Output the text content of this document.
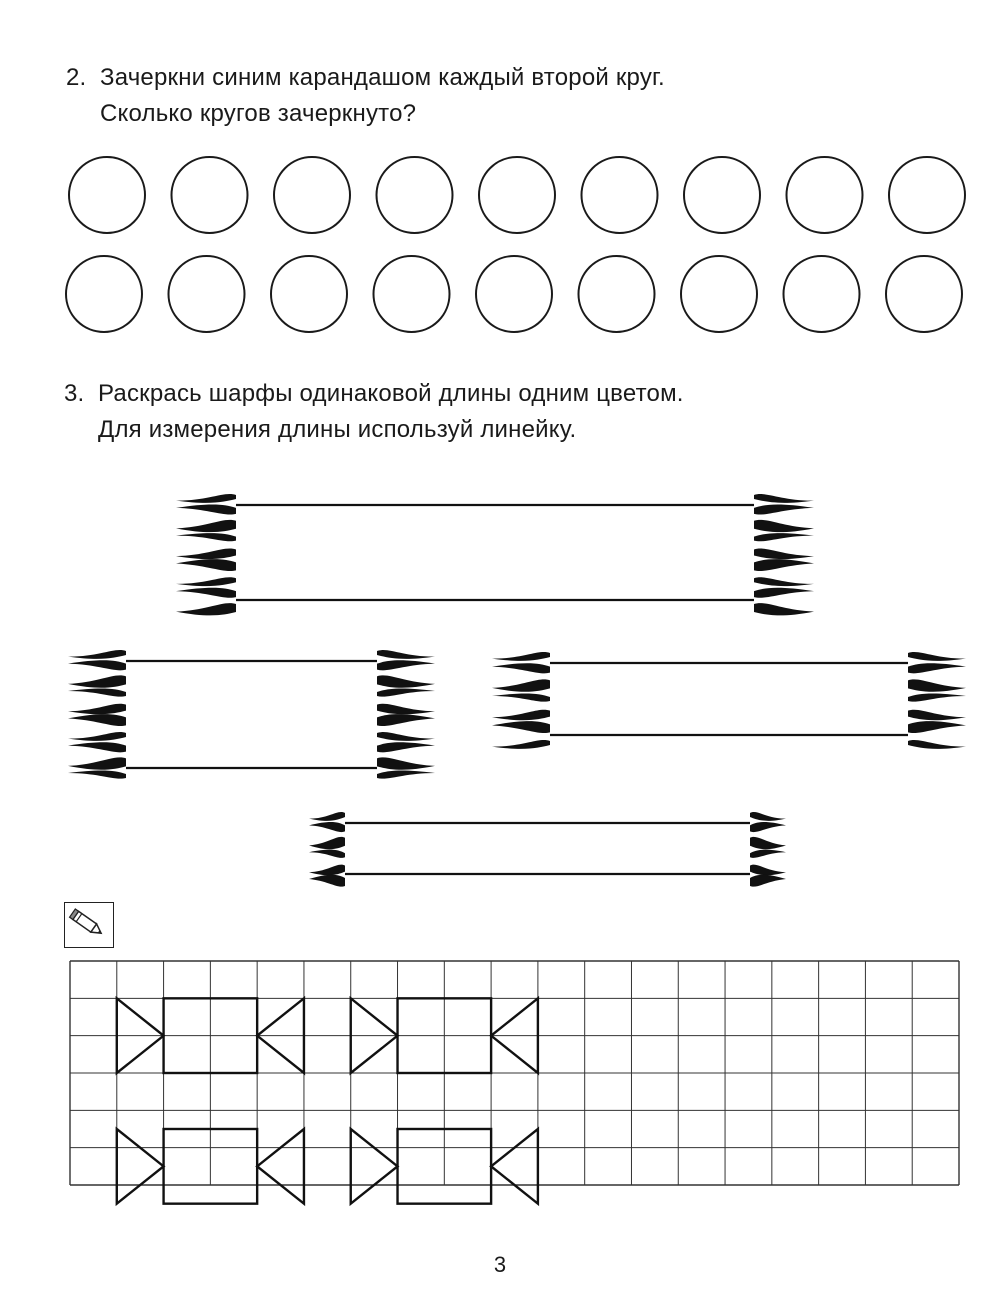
2. Зачеркни синим карандашом каждый второй круг.
Сколько кругов зачеркнуто?
3. Раскрась шарфы одинаковой длины одним цветом.
Для измерения длины используй линейку.
3
